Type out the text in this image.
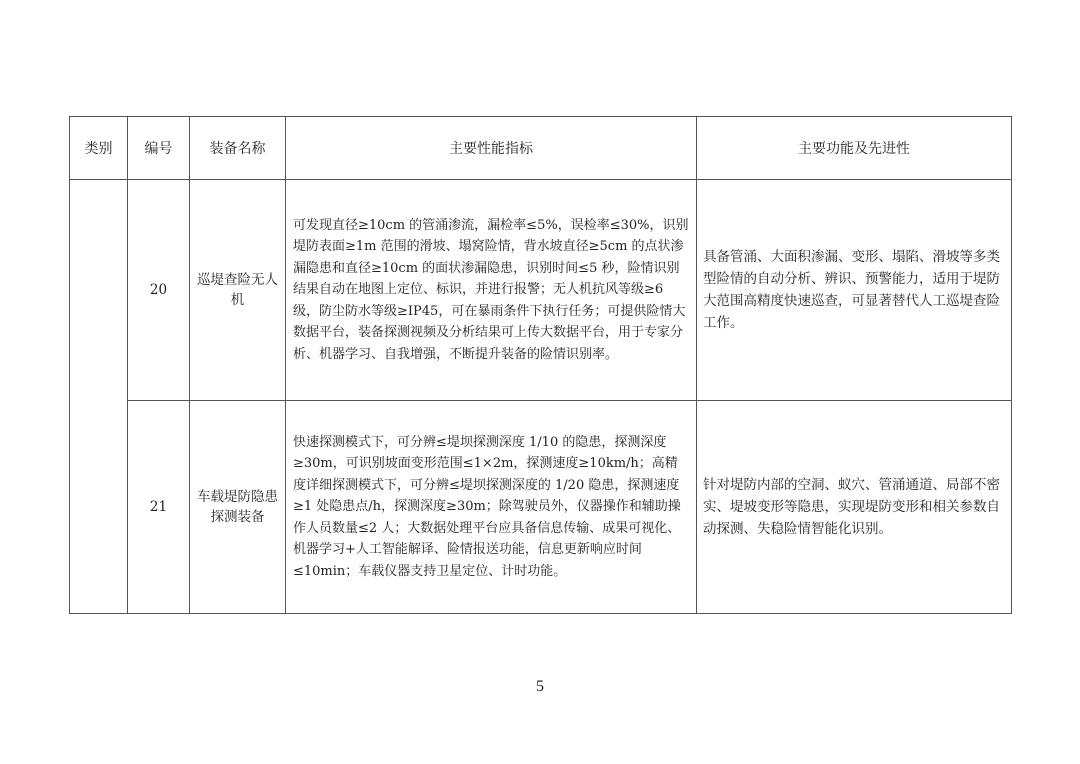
类别	编号	装备名称	主要性能指标	主要功能及先进性
	20	巡堤查险无人机	可发现直径≥10cm 的管涌渗流，漏检率≤5%，误检率≤30%，识别堤防表面≥1m 范围的滑坡、塌窝险情，背水坡直径≥5cm 的点状渗漏隐患和直径≥10cm 的面状渗漏隐患，识别时间≤5 秒，险情识别结果自动在地图上定位、标识，并进行报警；无人机抗风等级≥6 级，防尘防水等级≥IP45，可在暴雨条件下执行任务；可提供险情大数据平台，装备探测视频及分析结果可上传大数据平台，用于专家分析、机器学习、自我增强，不断提升装备的险情识别率。	具备管涌、大面积渗漏、变形、塌陷、滑坡等多类型险情的自动分析、辨识、预警能力，适用于堤防大范围高精度快速巡查，可显著替代人工巡堤查险工作。
	21	车载堤防隐患探测装备	快速探测模式下，可分辨≤堤坝探测深度 1/10 的隐患，探测深度≥30m，可识别坡面变形范围≤1×2m，探测速度≥10km/h；高精度详细探测模式下，可分辨≤堤坝探测深度的 1/20 隐患，探测速度≥1 处隐患点/h，探测深度≥30m；除驾驶员外，仪器操作和辅助操作人员数量≤2 人；大数据处理平台应具备信息传输、成果可视化、机器学习+人工智能解译、险情报送功能，信息更新响应时间≤10min；车载仪器支持卫星定位、计时功能。	针对堤防内部的空洞、蚁穴、管涌通道、局部不密实、堤坡变形等隐患，实现堤防变形和相关参数自动探测、失稳险情智能化识别。
5
